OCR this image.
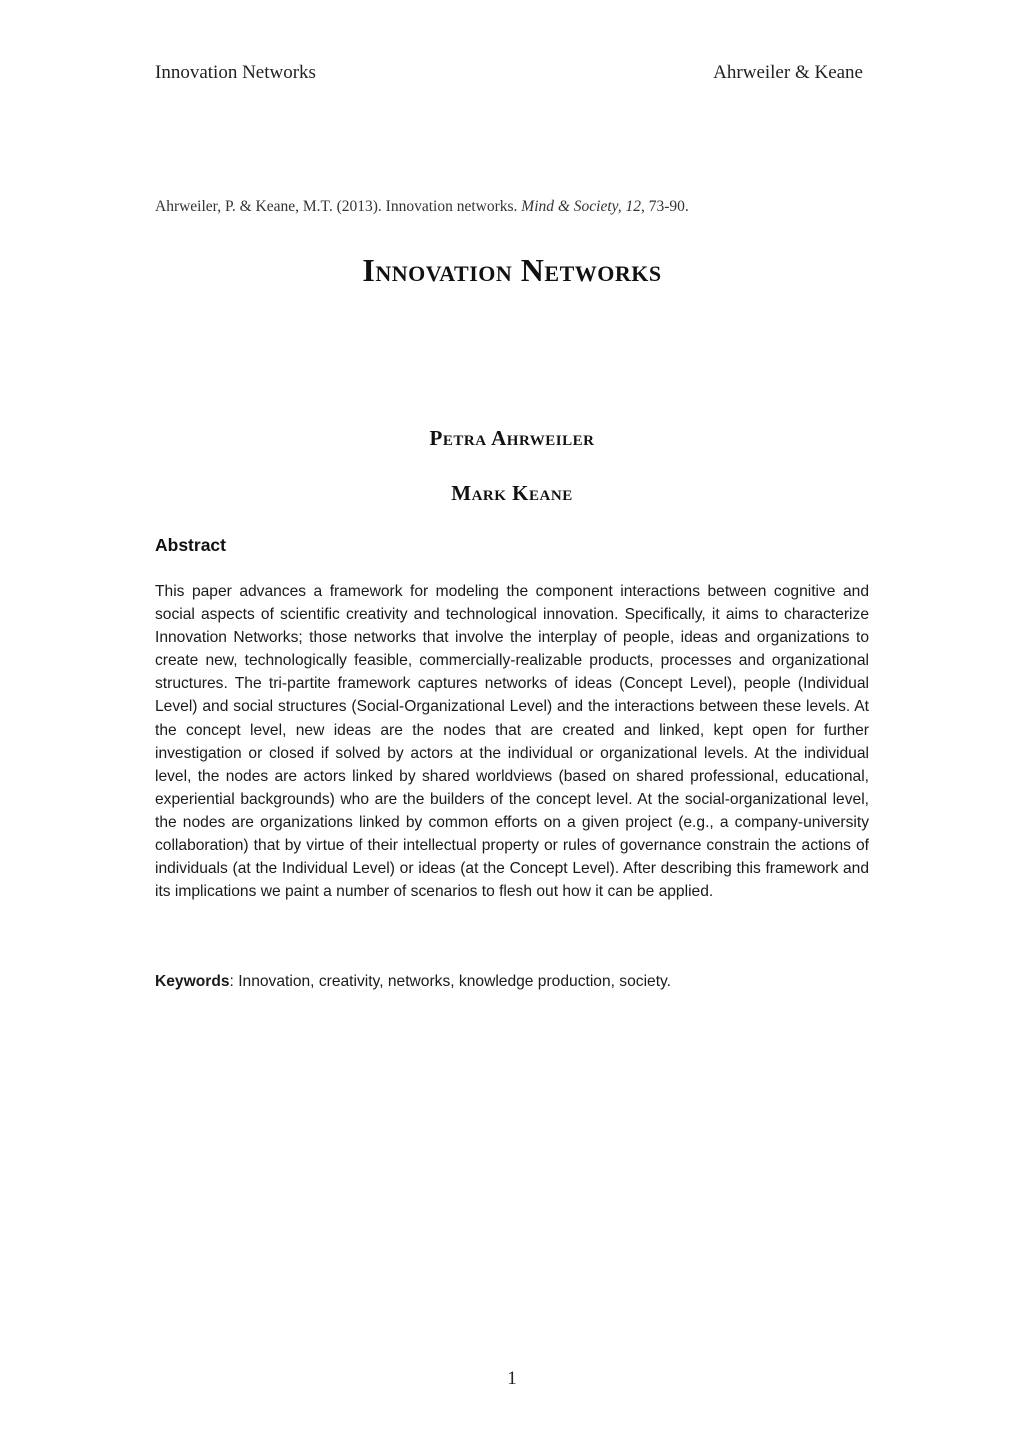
Innovation Networks	Ahrweiler & Keane
Ahrweiler, P. & Keane, M.T. (2013). Innovation networks. Mind & Society, 12, 73-90.
Innovation Networks
Petra Ahrweiler
Mark Keane
Abstract
This paper advances a framework for modeling the component interactions between cognitive and social aspects of scientific creativity and technological innovation. Specifically, it aims to characterize Innovation Networks; those networks that involve the interplay of people, ideas and organizations to create new, technologically feasible, commercially-realizable products, processes and organizational structures. The tri-partite framework captures networks of ideas (Concept Level), people (Individual Level) and social structures (Social-Organizational Level) and the interactions between these levels. At the concept level, new ideas are the nodes that are created and linked, kept open for further investigation or closed if solved by actors at the individual or organizational levels. At the individual level, the nodes are actors linked by shared worldviews (based on shared professional, educational, experiential backgrounds) who are the builders of the concept level. At the social-organizational level, the nodes are organizations linked by common efforts on a given project (e.g., a company-university collaboration) that by virtue of their intellectual property or rules of governance constrain the actions of individuals (at the Individual Level) or ideas (at the Concept Level). After describing this framework and its implications we paint a number of scenarios to flesh out how it can be applied.
Keywords: Innovation, creativity, networks, knowledge production, society.
1
